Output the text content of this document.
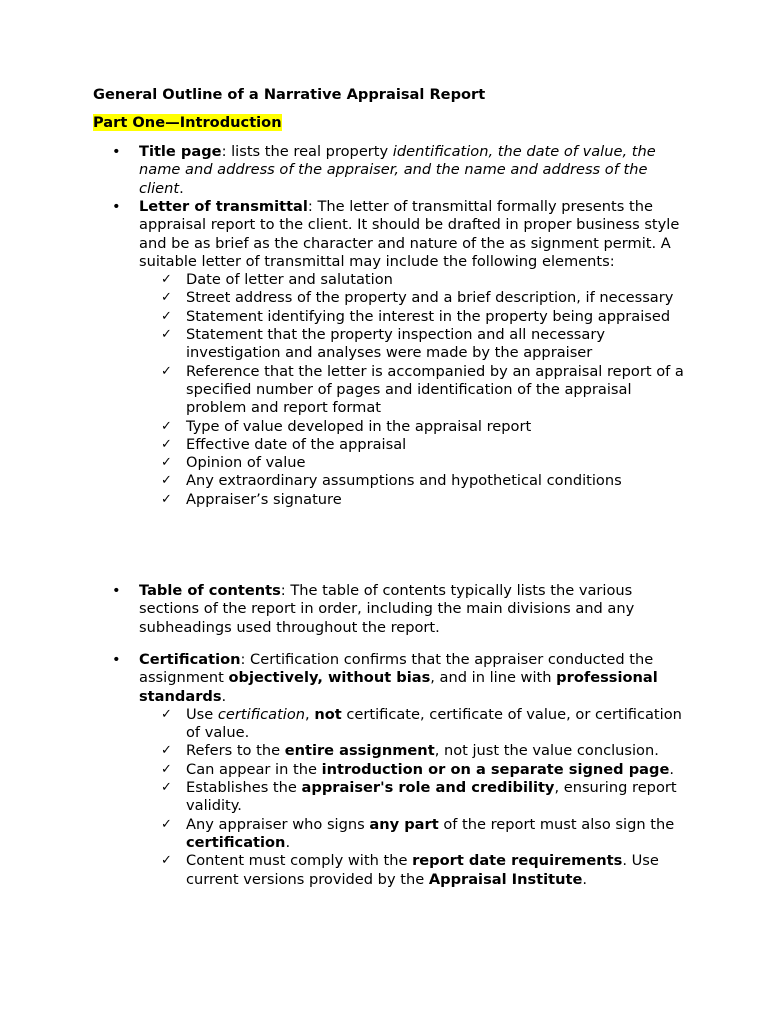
General Outline of a Narrative Appraisal Report
Part One—Introduction
• Title page: lists the real property identification, the date of value, the name and address of the appraiser, and the name and address of the client.
• Letter of transmittal: The letter of transmittal formally presents the appraisal report to the client. It should be drafted in proper business style and be as brief as the character and nature of the as signment permit. A suitable letter of transmittal may include the following elements:
✓ Date of letter and salutation
✓ Street address of the property and a brief description, if necessary
✓ Statement identifying the interest in the property being appraised
✓ Statement that the property inspection and all necessary investigation and analyses were made by the appraiser
✓ Reference that the letter is accompanied by an appraisal report of a specified number of pages and identification of the appraisal problem and report format
✓ Type of value developed in the appraisal report
✓ Effective date of the appraisal
✓ Opinion of value
✓ Any extraordinary assumptions and hypothetical conditions
✓ Appraiser’s signature
• Table of contents: The table of contents typically lists the various sections of the report in order, including the main divisions and any subheadings used throughout the report.
• Certification: Certification confirms that the appraiser conducted the assignment objectively, without bias, and in line with professional standards.
✓ Use certification, not certificate, certificate of value, or certification of value.
✓ Refers to the entire assignment, not just the value conclusion.
✓ Can appear in the introduction or on a separate signed page.
✓ Establishes the appraiser's role and credibility, ensuring report validity.
✓ Any appraiser who signs any part of the report must also sign the certification.
✓ Content must comply with the report date requirements. Use current versions provided by the Appraisal Institute.
